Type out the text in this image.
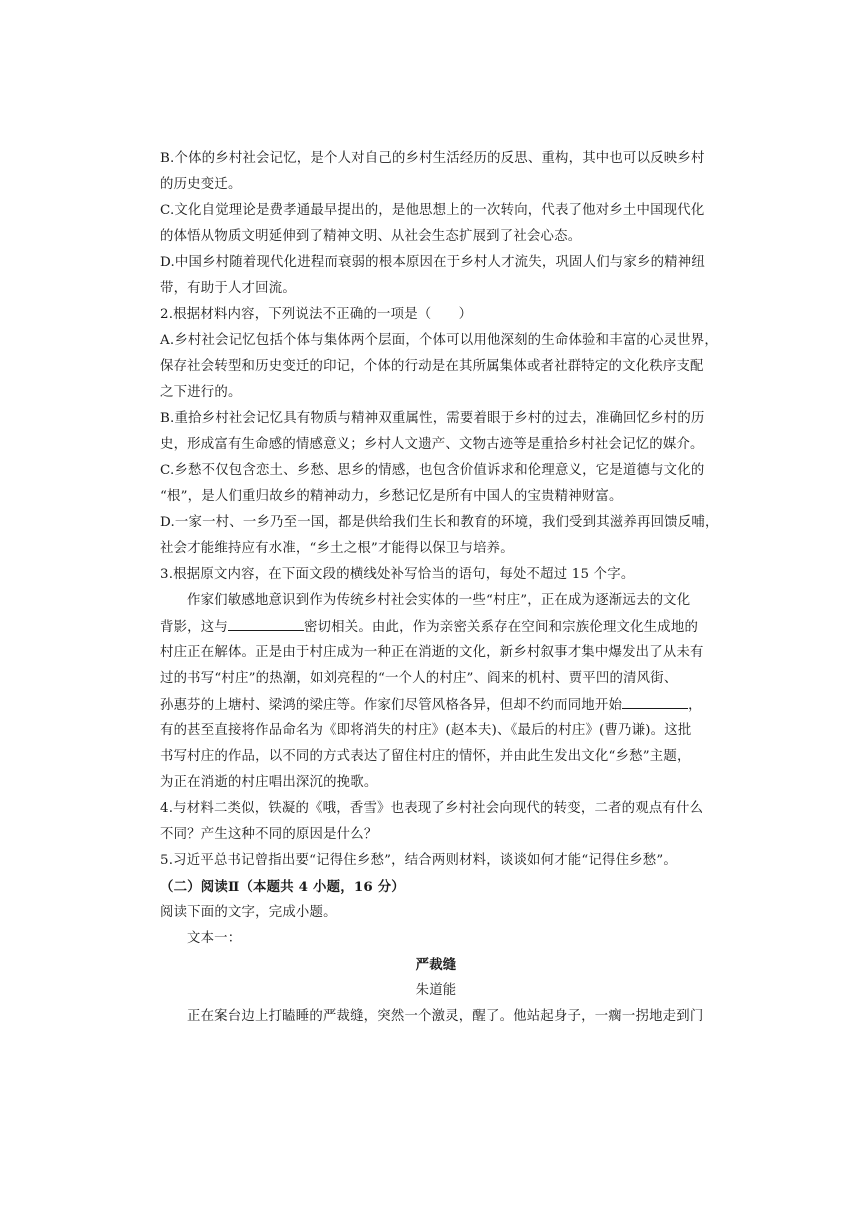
B.个体的乡村社会记忆，是个人对自己的乡村生活经历的反思、重构，其中也可以反映乡村
的历史变迁。
C.文化自觉理论是费孝通最早提出的，是他思想上的一次转向，代表了他对乡土中国现代化
的体悟从物质文明延伸到了精神文明、从社会生态扩展到了社会心态。
D.中国乡村随着现代化进程而衰弱的根本原因在于乡村人才流失，巩固人们与家乡的精神纽
带，有助于人才回流。
2.根据材料内容，下列说法不正确的一项是（　　）
A.乡村社会记忆包括个体与集体两个层面，个体可以用他深刻的生命体验和丰富的心灵世界，
保存社会转型和历史变迁的印记，个体的行动是在其所属集体或者社群特定的文化秩序支配
之下进行的。
B.重拾乡村社会记忆具有物质与精神双重属性，需要着眼于乡村的过去，准确回忆乡村的历
史，形成富有生命感的情感意义；乡村人文遗产、文物古迹等是重拾乡村社会记忆的媒介。
C.乡愁不仅包含恋土、乡愁、思乡的情感，也包含价值诉求和伦理意义，它是道德与文化的
“根”，是人们重归故乡的精神动力，乡愁记忆是所有中国人的宝贵精神财富。
D.一家一村、一乡乃至一国，都是供给我们生长和教育的环境，我们受到其滋养再回馈反哺，
社会才能维持应有水准，“乡土之根”才能得以保卫与培养。
3.根据原文内容，在下面文段的横线处补写恰当的语句，每处不超过 15 个字。
作家们敏感地意识到作为传统乡村社会实体的一些“村庄”，正在成为逐渐远去的文化
背影，这与	密切相关。由此，作为亲密关系存在空间和宗族伦理文化生成地的
村庄正在解体。正是由于村庄成为一种正在消逝的文化，新乡村叙事才集中爆发出了从未有
过的书写“村庄”的热潮，如刘亮程的“一个人的村庄”、阎来的机村、贾平凹的清风街、
孙惠芬的上塘村、梁鸿的梁庄等。作家们尽管风格各异，但却不约而同地开始	，
有的甚至直接将作品命名为《即将消失的村庄》(赵本夫)、《最后的村庄》(曹乃谦)。这批
书写村庄的作品，以不同的方式表达了留住村庄的情怀，并由此生发出文化“乡愁”主题，
为正在消逝的村庄唱出深沉的挽歌。
4.与材料二类似，铁凝的《哦，香雪》也表现了乡村社会向现代的转变，二者的观点有什么
不同？产生这种不同的原因是什么？
5.习近平总书记曾指出要“记得住乡愁”，结合两则材料，谈谈如何才能“记得住乡愁”。
（二）阅读Ⅱ（本题共 4 小题，16 分）
阅读下面的文字，完成小题。
文本一：
严裁缝
朱道能
正在案台边上打瞌睡的严裁缝，突然一个激灵，醒了。他站起身子，一瘸一拐地走到门
